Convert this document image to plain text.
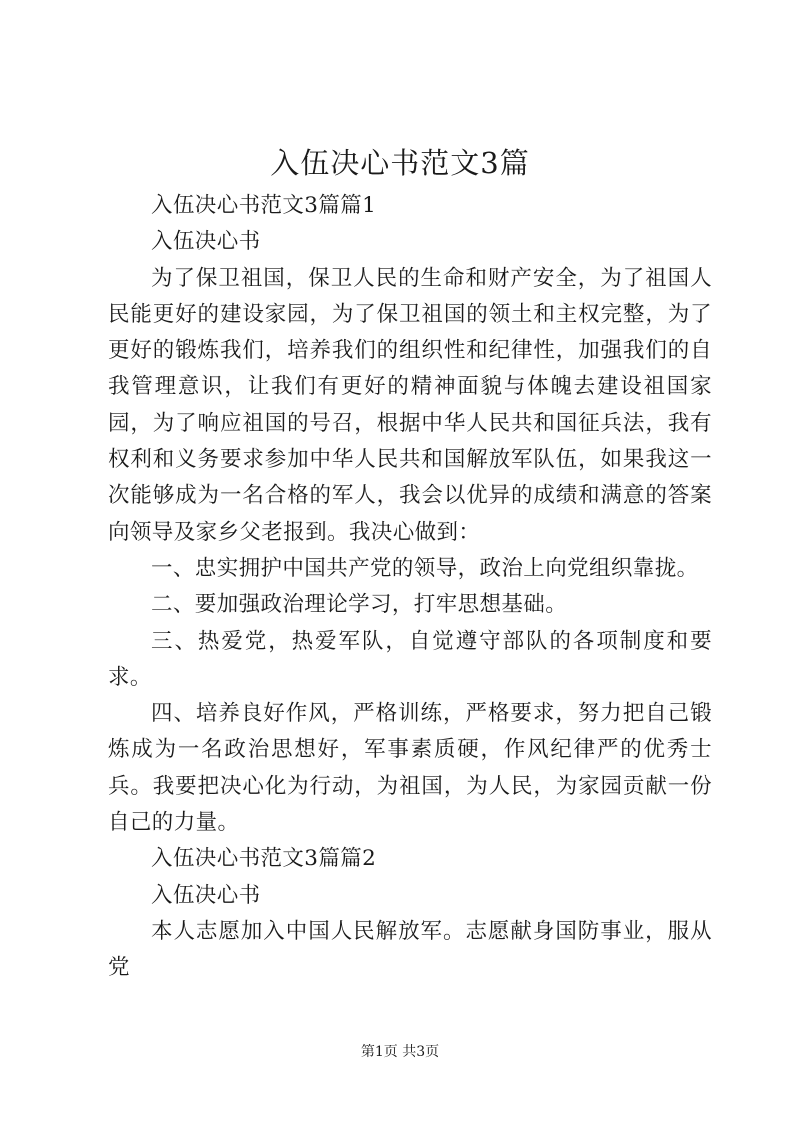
入伍决心书范文3篇

入伍决心书范文3篇篇1

入伍决心书

为了保卫祖国，保卫人民的生命和财产安全，为了祖国人民能更好的建设家园，为了保卫祖国的领土和主权完整，为了更好的锻炼我们，培养我们的组织性和纪律性，加强我们的自我管理意识，让我们有更好的精神面貌与体魄去建设祖国家园，为了响应祖国的号召，根据中华人民共和国征兵法，我有权利和义务要求参加中华人民共和国解放军队伍，如果我这一次能够成为一名合格的军人，我会以优异的成绩和满意的答案向领导及家乡父老报到。我决心做到：

一、忠实拥护中国共产党的领导，政治上向党组织靠拢。

二、要加强政治理论学习，打牢思想基础。

三、热爱党，热爱军队，自觉遵守部队的各项制度和要求。

四、培养良好作风，严格训练，严格要求，努力把自己锻炼成为一名政治思想好，军事素质硬，作风纪律严的优秀士兵。我要把决心化为行动，为祖国，为人民，为家园贡献一份自己的力量。

入伍决心书范文3篇篇2

入伍决心书

本人志愿加入中国人民解放军。志愿献身国防事业，服从党

第1页 共3页
